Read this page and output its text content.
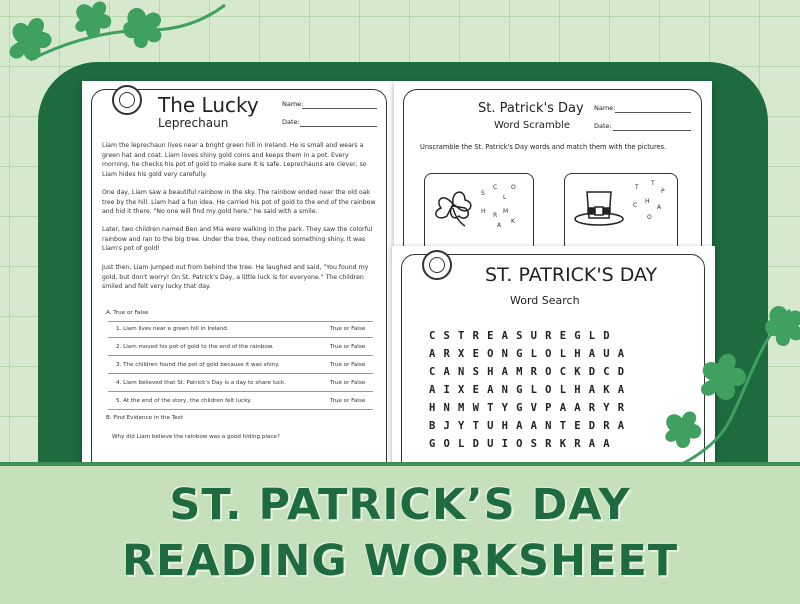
The Lucky
Leprechaun
Name:
Date:
Liam the leprechaun lives near a bright green hill in Ireland. He is small and wears a green hat and coat. Liam loves shiny gold coins and keeps them in a pot. Every morning, he checks his pot of gold to make sure it is safe. Leprechauns are clever, so Liam hides his gold very carefully.
One day, Liam saw a beautiful rainbow in the sky. The rainbow ended near the old oak tree by the hill. Liam had a fun idea. He carried his pot of gold to the end of the rainbow and hid it there. "No one will find my gold here," he said with a smile.
Later, two children named Ben and Mia were walking in the park. They saw the colorful rainbow and ran to the big tree. Under the tree, they noticed something shiny. It was Liam's pot of gold!
Just then, Liam jumped out from behind the tree. He laughed and said, "You found my gold, but don't worry! On St. Patrick's Day, a little luck is for everyone." The children smiled and felt very lucky that day.
A. True or False
1. Liam lives near a green hill in Ireland.	True or False
2. Liam moved his pot of gold to the end of the rainbow.	True or False
3. The children found the pot of gold because it was shiny.	True or False
4. Liam believed that St. Patrick's Day is a day to share luck.	True or False
5. At the end of the story, the children felt lucky.	True or False
B. Find Evidence in the Text
Why did Liam believe the rainbow was a good hiding place?
St. Patrick's Day
Word Scramble
Name:
Date:
Unscramble the St. Patrick's Day words and match them with the pictures.
S
C
L
O
H
R
M
A
K
T
T
P
C
H
A
O
ST. PATRICK'S DAY
Word Search
CSTREASUREGLD
ARXEONGLOLHAUA
CANSHAMROCKDCD
AIXEANGLOLHAKA
HNMWTYGVPAARYR
BJYTUHAANTEDRA
GOLDUIOSRKRAA
ST. PATRICK’S DAY
READING WORKSHEET
